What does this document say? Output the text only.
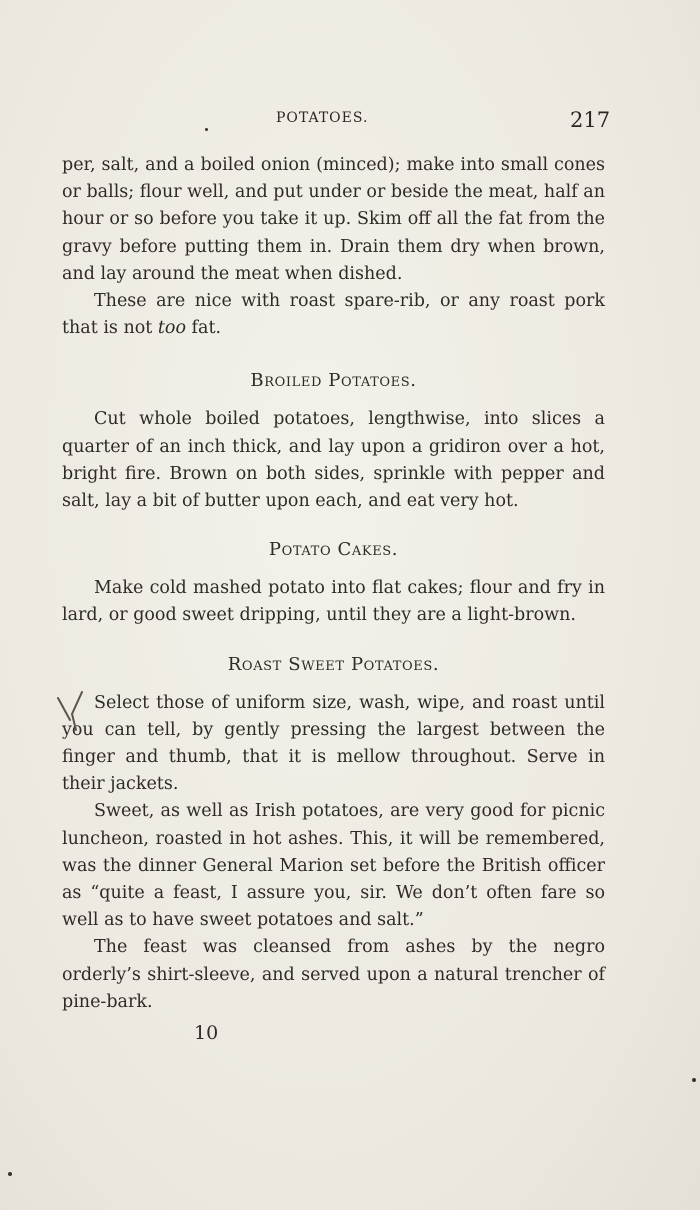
POTATOES.	217

per, salt, and a boiled onion (minced); make into small cones or balls; flour well, and put under or beside the meat, half an hour or so before you take it up. Skim off all the fat from the gravy before putting them in. Drain them dry when brown, and lay around the meat when dished.

These are nice with roast spare-rib, or any roast pork that is not too fat.

Broiled Potatoes.

Cut whole boiled potatoes, lengthwise, into slices a quarter of an inch thick, and lay upon a gridiron over a hot, bright fire. Brown on both sides, sprinkle with pepper and salt, lay a bit of butter upon each, and eat very hot.

Potato Cakes.

Make cold mashed potato into flat cakes; flour and fry in lard, or good sweet dripping, until they are a light-brown.

Roast Sweet Potatoes.

Select those of uniform size, wash, wipe, and roast until you can tell, by gently pressing the largest between the finger and thumb, that it is mellow throughout. Serve in their jackets.

Sweet, as well as Irish potatoes, are very good for picnic luncheon, roasted in hot ashes. This, it will be remembered, was the dinner General Marion set before the British officer as “quite a feast, I assure you, sir. We don’t often fare so well as to have sweet potatoes and salt.”

The feast was cleansed from ashes by the negro orderly’s shirt-sleeve, and served upon a natural trencher of pine-bark.

10
